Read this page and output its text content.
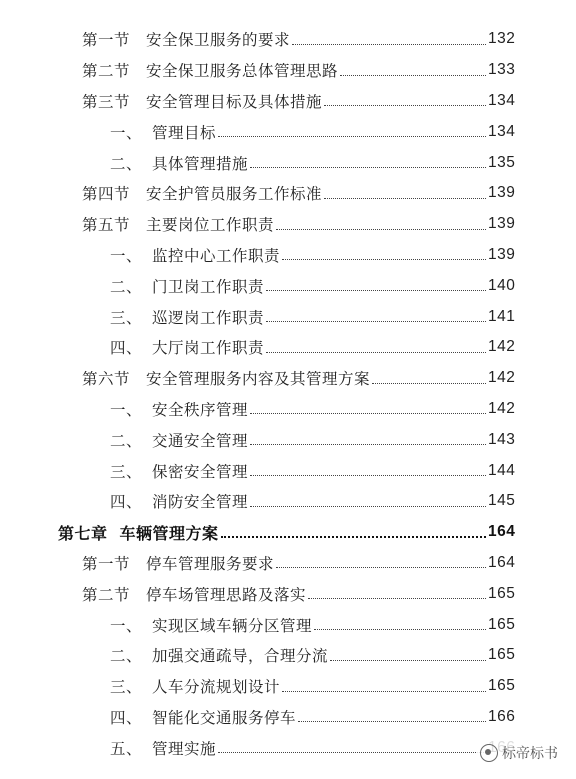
第一节 安全保卫服务的要求	132
第二节 安全保卫服务总体管理思路	133
第三节 安全管理目标及具体措施	134
一、 管理目标	134
二、 具体管理措施	135
第四节 安全护管员服务工作标准	139
第五节 主要岗位工作职责	139
一、 监控中心工作职责	139
二、 门卫岗工作职责	140
三、 巡逻岗工作职责	141
四、 大厅岗工作职责	142
第六节 安全管理服务内容及其管理方案	142
一、 安全秩序管理	142
二、 交通安全管理	143
三、 保密安全管理	144
四、 消防安全管理	145
第七章 车辆管理方案	164
第一节 停车管理服务要求	164
第二节 停车场管理思路及落实	165
一、 实现区域车辆分区管理	165
二、 加强交通疏导，合理分流	165
三、 人车分流规划设计	165
四、 智能化交通服务停车	166
五、 管理实施	标帝标书
